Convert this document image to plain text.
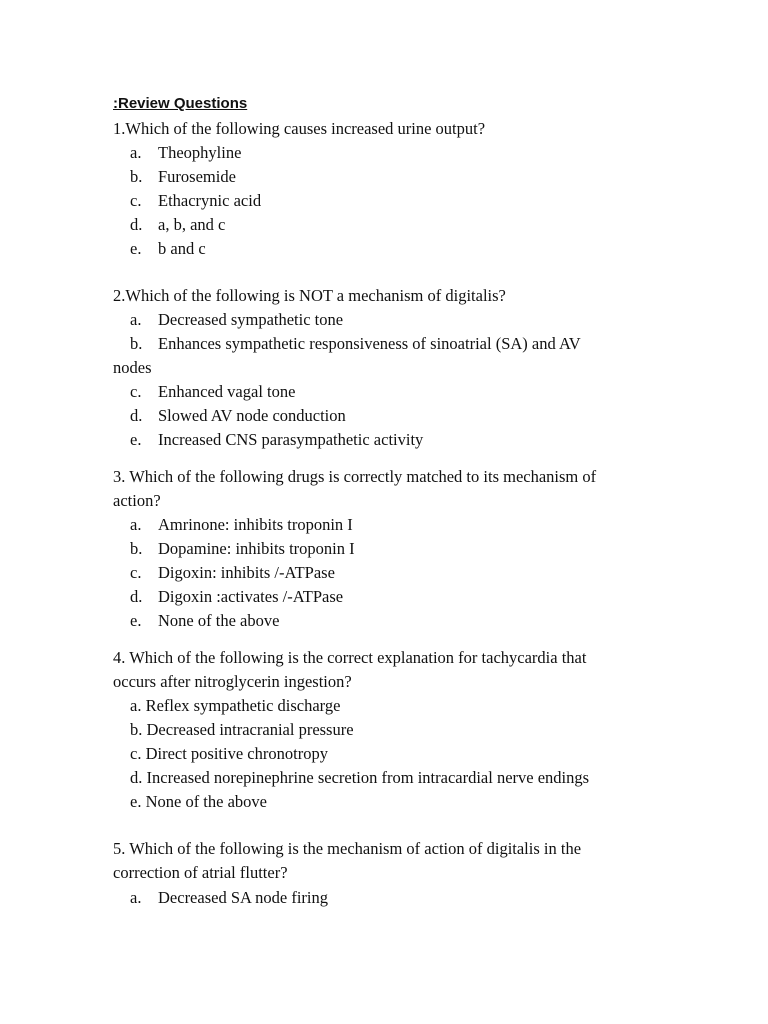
:Review Questions
1.Which of the following causes increased urine output?
a.	Theophyline
b. Furosemide
c.	Ethacrynic acid
d. a, b, and c
e.	b and c
2.Which of the following is NOT a mechanism of digitalis?
a.	Decreased sympathetic tone
b. Enhances sympathetic responsiveness of sinoatrial (SA) and AV
nodes
c.	Enhanced vagal tone
d. Slowed AV node conduction
e.	Increased CNS parasympathetic activity
3. Which of the following drugs is correctly matched to its mechanism of
action?
a.	Amrinone: inhibits troponin I
b. Dopamine: inhibits troponin I
c.	Digoxin: inhibits /-ATPase
d. Digoxin :activates /-ATPase
e.	None of the above
4. Which of the following is the correct explanation for tachycardia that
occurs after nitroglycerin ingestion?
a. Reflex sympathetic discharge
b. Decreased intracranial pressure
c. Direct positive chronotropy
d. Increased norepinephrine secretion from intracardial nerve endings
e. None of the above
5. Which of the following is the mechanism of action of digitalis in the
correction of atrial flutter?
a.	Decreased SA node firing
